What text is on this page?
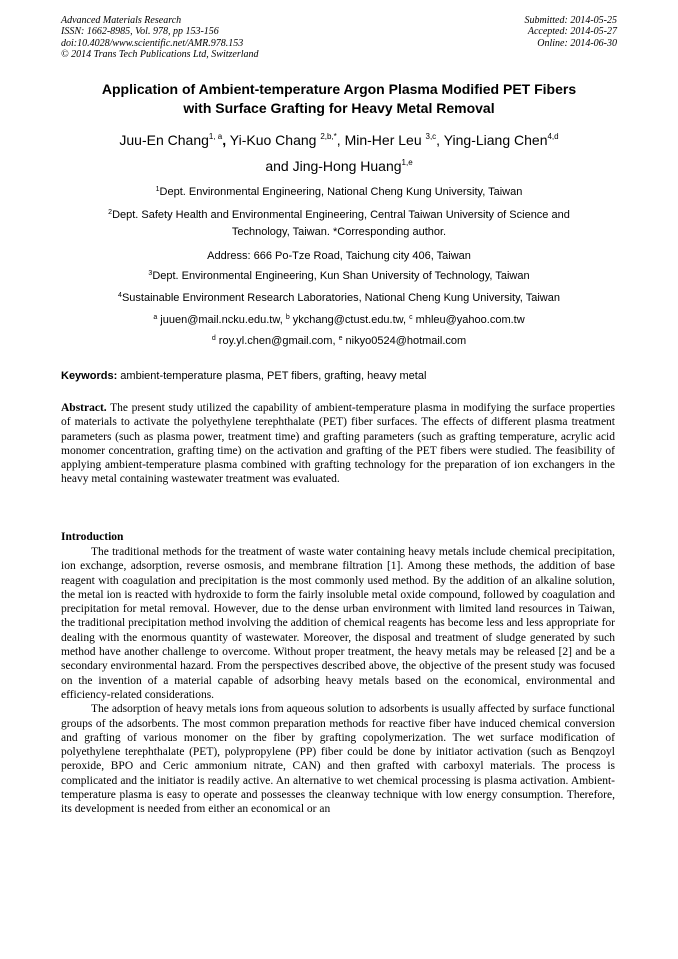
Advanced Materials Research
ISSN: 1662-8985, Vol. 978, pp 153-156
doi:10.4028/www.scientific.net/AMR.978.153
© 2014 Trans Tech Publications Ltd, Switzerland
Submitted: 2014-05-25
Accepted: 2014-05-27
Online: 2014-06-30
Application of Ambient-temperature Argon Plasma Modified PET Fibers
with Surface Grafting for Heavy Metal Removal
Juu-En Chang$^{1, a}$, Yi-Kuo Chang $^{2,b,*}$, Min-Her Leu $^{3,c}$, Ying-Liang Chen$^{4,d}$
and Jing-Hong Huang$^{1,e}$
$^1$Dept. Environmental Engineering, National Cheng Kung University, Taiwan
$^2$Dept. Safety Health and Environmental Engineering, Central Taiwan University of Science and
Technology, Taiwan. *Corresponding author.
Address: 666 Po-Tze Road, Taichung city 406, Taiwan
$^3$Dept. Environmental Engineering, Kun Shan University of Technology, Taiwan
$^4$Sustainable Environment Research Laboratories, National Cheng Kung University, Taiwan
$^a$ juuen@mail.ncku.edu.tw, $^b$ ykchang@ctust.edu.tw, $^c$ mhleu@yahoo.com.tw
$^d$ roy.yl.chen@gmail.com, $^e$ nikyo0524@hotmail.com
Keywords: ambient-temperature plasma, PET fibers, grafting, heavy metal
Abstract. The present study utilized the capability of ambient-temperature plasma in modifying the surface properties of materials to activate the polyethylene terephthalate (PET) fiber surfaces. The effects of different plasma treatment parameters (such as plasma power, treatment time) and grafting parameters (such as grafting temperature, acrylic acid monomer concentration, grafting time) on the activation and grafting of the PET fibers were studied. The feasibility of applying ambient-temperature plasma combined with grafting technology for the preparation of ion exchangers in the heavy metal containing wastewater treatment was evaluated.
Introduction
The traditional methods for the treatment of waste water containing heavy metals include chemical precipitation, ion exchange, adsorption, reverse osmosis, and membrane filtration [1]. Among these methods, the addition of base reagent with coagulation and precipitation is the most commonly used method. By the addition of an alkaline solution, the metal ion is reacted with hydroxide to form the fairly insoluble metal oxide compound, followed by coagulation and precipitation for metal removal. However, due to the dense urban environment with limited land resources in Taiwan, the traditional precipitation method involving the addition of chemical reagents has become less and less appropriate for dealing with the enormous quantity of wastewater. Moreover, the disposal and treatment of sludge generated by such method have another challenge to overcome. Without proper treatment, the heavy metals may be released [2] and be a secondary environmental hazard. From the perspectives described above, the objective of the present study was focused on the invention of a material capable of adsorbing heavy metals based on the economical, environmental and efficiency-related considerations.
The adsorption of heavy metals ions from aqueous solution to adsorbents is usually affected by surface functional groups of the adsorbents. The most common preparation methods for reactive fiber have induced chemical conversion and grafting of various monomer on the fiber by grafting copolymerization. The wet surface modification of polyethylene terephthalate (PET), polypropylene (PP) fiber could be done by initiator activation (such as Benqzoyl peroxide, BPO and Ceric ammonium nitrate, CAN) and then grafted with carboxyl materials. The process is complicated and the initiator is readily active. An alternative to wet chemical processing is plasma activation. Ambient-temperature plasma is easy to operate and possesses the cleanway technique with low energy consumption. Therefore, its development is needed from either an economical or an
